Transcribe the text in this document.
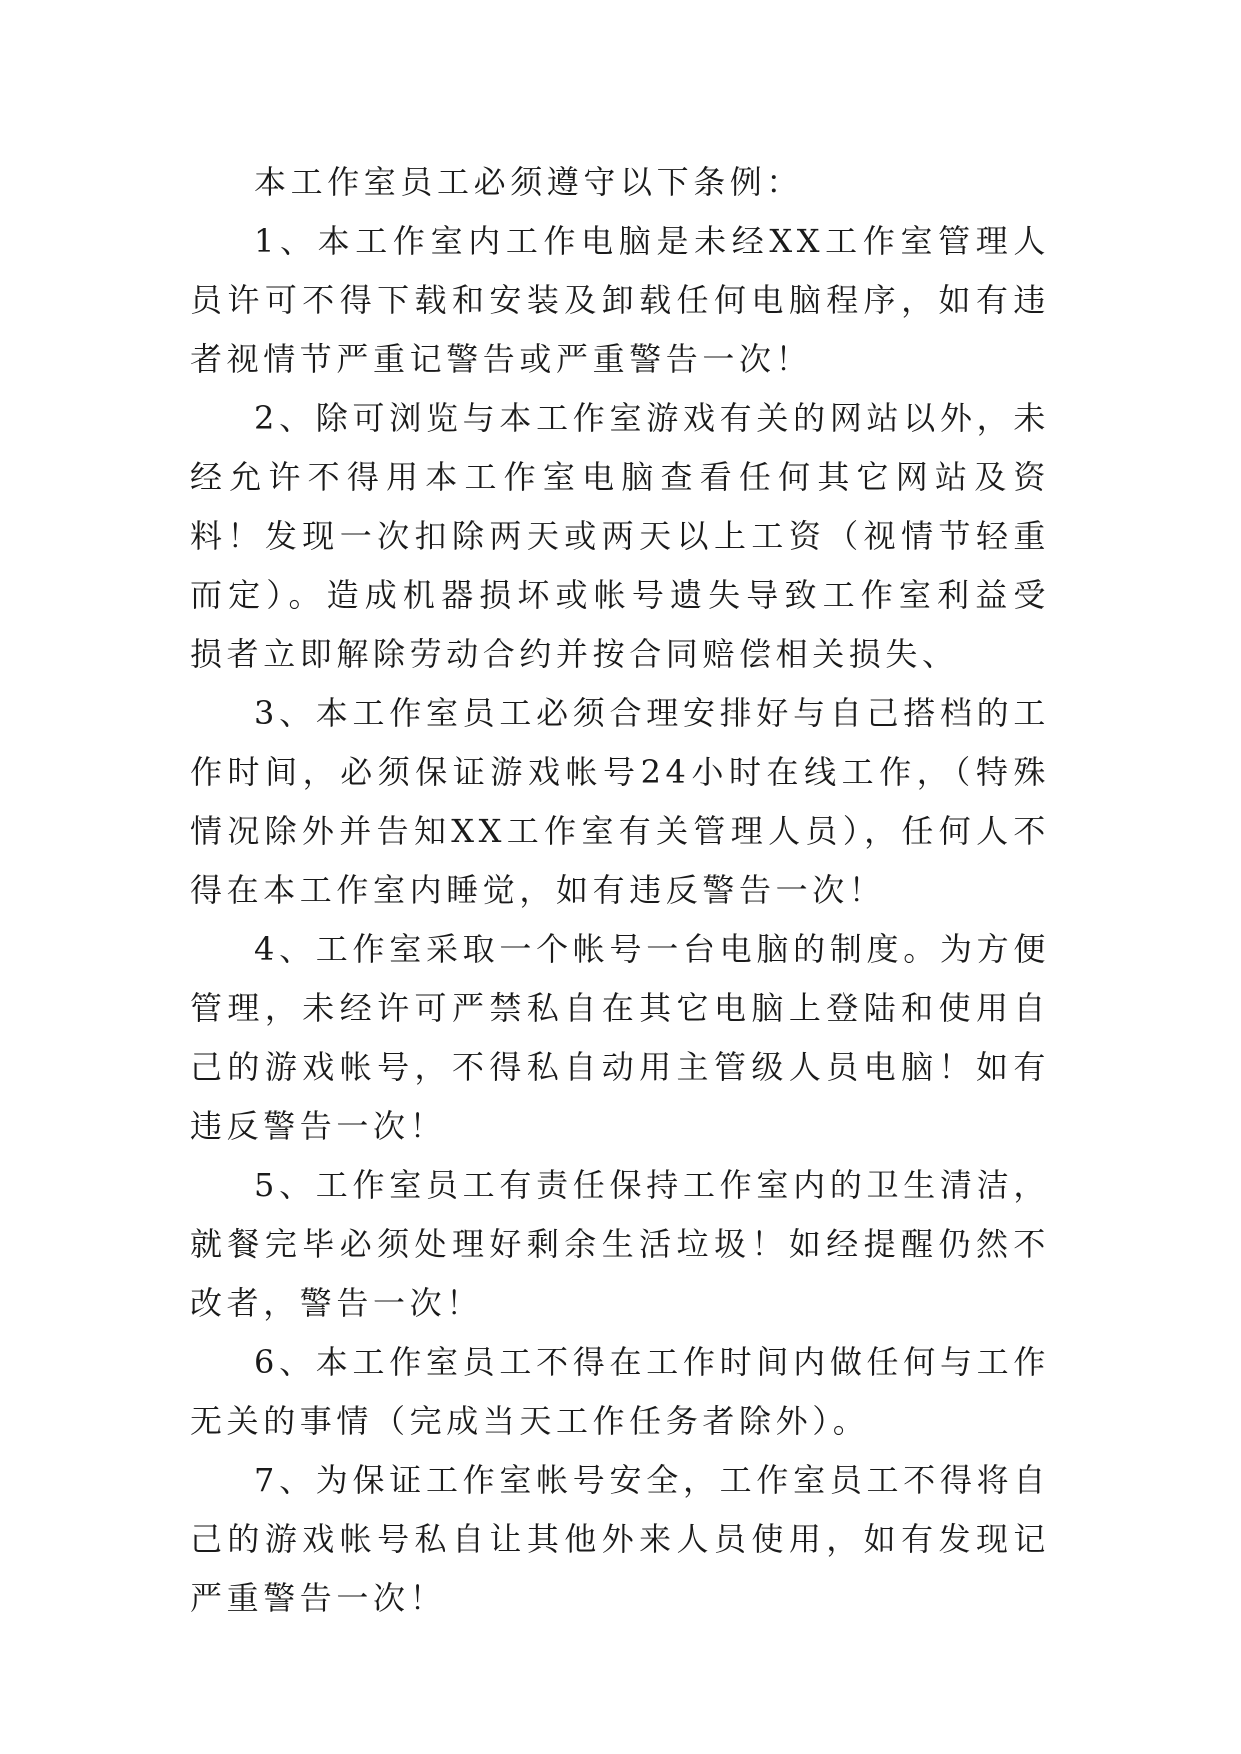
本工作室员工必须遵守以下条例：

1、本工作室内工作电脑是未经XX工作室管理人员许可不得下载和安装及卸载任何电脑程序，如有违者视情节严重记警告或严重警告一次！

2、除可浏览与本工作室游戏有关的网站以外，未经允许不得用本工作室电脑查看任何其它网站及资料！发现一次扣除两天或两天以上工资（视情节轻重而定）。造成机器损坏或帐号遗失导致工作室利益受损者立即解除劳动合约并按合同赔偿相关损失、

3、本工作室员工必须合理安排好与自己搭档的工作时间，必须保证游戏帐号24小时在线工作，（特殊情况除外并告知XX工作室有关管理人员），任何人不得在本工作室内睡觉，如有违反警告一次！

4、工作室采取一个帐号一台电脑的制度。为方便管理，未经许可严禁私自在其它电脑上登陆和使用自己的游戏帐号，不得私自动用主管级人员电脑！如有违反警告一次！

5、工作室员工有责任保持工作室内的卫生清洁，就餐完毕必须处理好剩余生活垃圾！如经提醒仍然不改者，警告一次！

6、本工作室员工不得在工作时间内做任何与工作无关的事情（完成当天工作任务者除外）。

7、为保证工作室帐号安全，工作室员工不得将自己的游戏帐号私自让其他外来人员使用，如有发现记严重警告一次！
